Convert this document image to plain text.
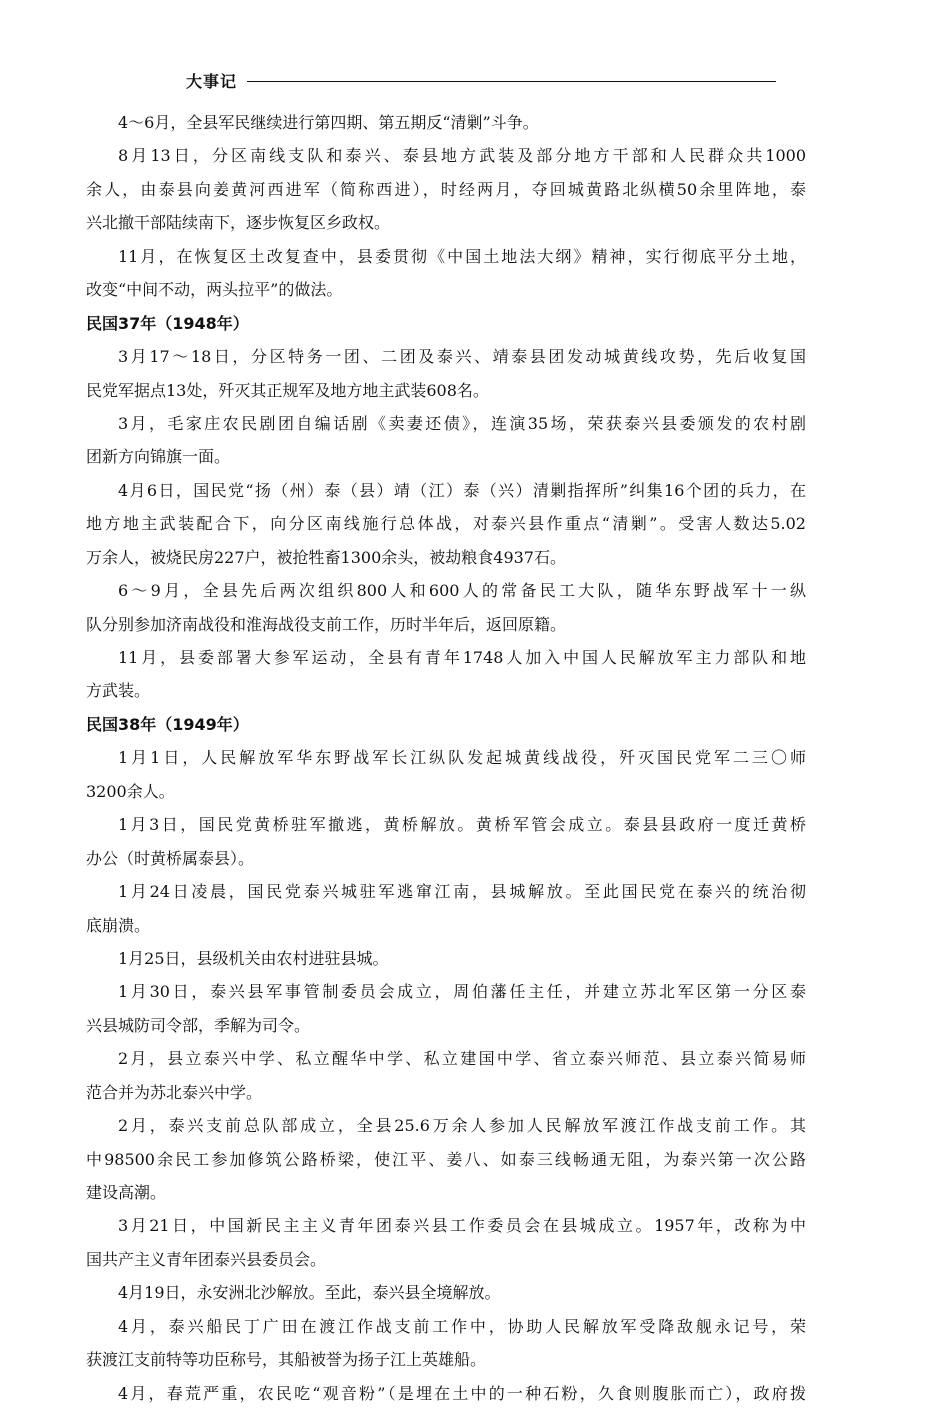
大事记
4～6月，全县军民继续进行第四期、第五期反“清剿”斗争。
8月13日，分区南线支队和泰兴、泰县地方武装及部分地方干部和人民群众共1000
余人，由泰县向姜黄河西进军（简称西进），时经两月，夺回城黄路北纵横50余里阵地，泰
兴北撤干部陆续南下，逐步恢复区乡政权。
11月，在恢复区土改复查中，县委贯彻《中国土地法大纲》精神，实行彻底平分土地，
改变“中间不动，两头拉平”的做法。
民国37年（1948年）
3月17～18日，分区特务一团、二团及泰兴、靖泰县团发动城黄线攻势，先后收复国
民党军据点13处，歼灭其正规军及地方地主武装608名。
3月，毛家庄农民剧团自编话剧《卖妻还债》，连演35场，荣获泰兴县委颁发的农村剧
团新方向锦旗一面。
4月6日，国民党“扬（州）泰（县）靖（江）泰（兴）清剿指挥所”纠集16个团的兵力，在
地方地主武装配合下，向分区南线施行总体战，对泰兴县作重点“清剿”。受害人数达5.02
万余人，被烧民房227户，被抢牲畜1300余头，被劫粮食4937石。
6～9月，全县先后两次组织800人和600人的常备民工大队，随华东野战军十一纵
队分别参加济南战役和淮海战役支前工作，历时半年后，返回原籍。
11月，县委部署大参军运动，全县有青年1748人加入中国人民解放军主力部队和地
方武装。
民国38年（1949年）
1月1日，人民解放军华东野战军长江纵队发起城黄线战役，歼灭国民党军二三〇师
3200余人。
1月3日，国民党黄桥驻军撤逃，黄桥解放。黄桥军管会成立。泰县县政府一度迁黄桥
办公（时黄桥属泰县）。
1月24日凌晨，国民党泰兴城驻军逃窜江南，县城解放。至此国民党在泰兴的统治彻
底崩溃。
1月25日，县级机关由农村进驻县城。
1月30日，泰兴县军事管制委员会成立，周伯藩任主任，并建立苏北军区第一分区泰
兴县城防司令部，季解为司令。
2月，县立泰兴中学、私立醒华中学、私立建国中学、省立泰兴师范、县立泰兴简易师
范合并为苏北泰兴中学。
2月，泰兴支前总队部成立，全县25.6万余人参加人民解放军渡江作战支前工作。其
中98500余民工参加修筑公路桥梁，使江平、姜八、如泰三线畅通无阻，为泰兴第一次公路
建设高潮。
3月21日，中国新民主主义青年团泰兴县工作委员会在县城成立。1957年，改称为中
国共产主义青年团泰兴县委员会。
4月19日，永安洲北沙解放。至此，泰兴县全境解放。
4月，泰兴船民丁广田在渡江作战支前工作中，协助人民解放军受降敌舰永记号，荣
获渡江支前特等功臣称号，其船被誉为扬子江上英雄船。
4月，春荒严重，农民吃“观音粉”（是埋在土中的一种石粉，久食则腹胀而亡），政府拨
